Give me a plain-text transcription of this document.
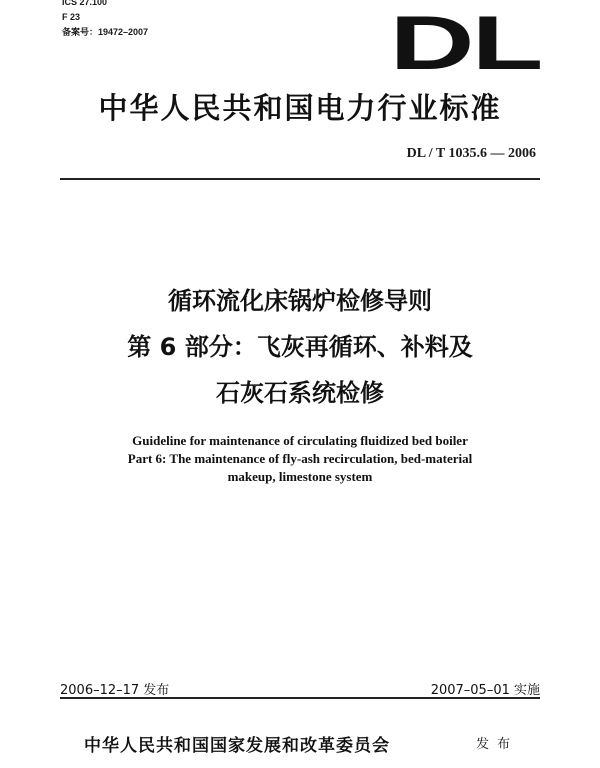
ICS 27.100
F 23
备案号：19472–2007	DL
中华人民共和国电力行业标准
DL / T 1035.6 — 2006
循环流化床锅炉检修导则
第 6 部分：飞灰再循环、补料及
石灰石系统检修
Guideline for maintenance of circulating fluidized bed boiler
Part 6: The maintenance of fly-ash recirculation, bed-material
makeup, limestone system
2006–12–17 发布	2007–05–01 实施
中华人民共和国国家发展和改革委员会	发布
